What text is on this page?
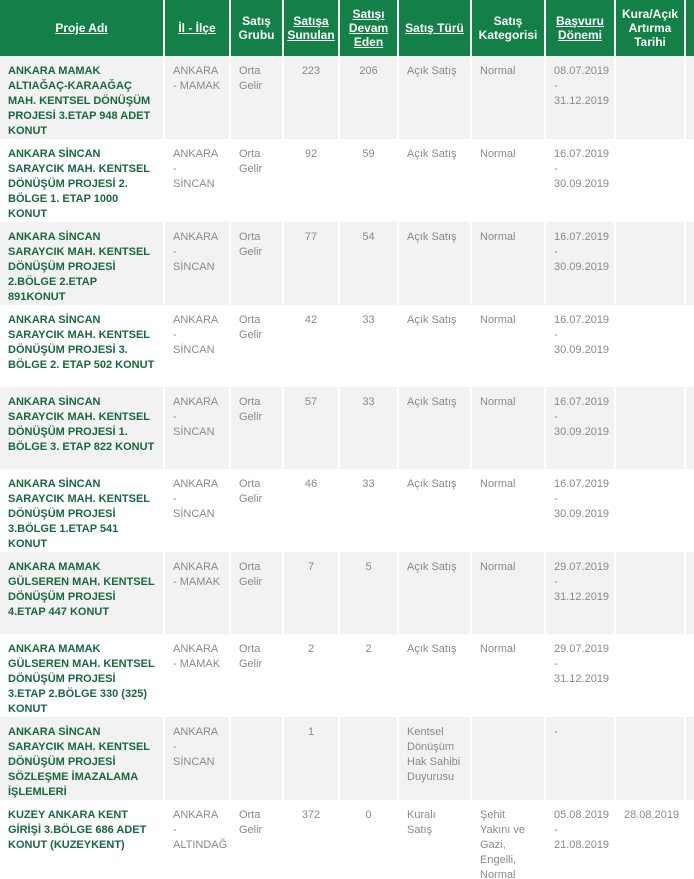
Proje Adı	İl - İlçe	Satış Grubu	Satışa Sunulan	Satışı Devam Eden	Satış Türü	Satış Kategorisi	Başvuru Dönemi	Kura/Açık Artırma Tarihi	
ANKARA MAMAK ALTIAĞAÇ-KARAAĞAÇ MAH. KENTSEL DÖNÜŞÜM PROJESİ 3.ETAP 948 ADET KONUT	ANKARA - MAMAK	Orta Gelir	223	206	Açık Satış	Normal	08.07.2019 - 31.12.2019		
ANKARA SİNCAN SARAYCIK MAH. KENTSEL DÖNÜŞÜM PROJESİ 2. BÖLGE 1. ETAP 1000 KONUT	ANKARA - SİNCAN	Orta Gelir	92	59	Açık Satış	Normal	16.07.2019 - 30.09.2019		
ANKARA SİNCAN SARAYCIK MAH. KENTSEL DÖNÜŞÜM PROJESİ 2.BÖLGE 2.ETAP 891KONUT	ANKARA - SİNCAN	Orta Gelir	77	54	Açık Satış	Normal	16.07.2019 - 30.09.2019		
ANKARA SİNCAN SARAYCIK MAH. KENTSEL DÖNÜŞÜM PROJESİ 3. BÖLGE 2. ETAP 502 KONUT	ANKARA - SİNCAN	Orta Gelir	42	33	Açık Satış	Normal	16.07.2019 - 30.09.2019		
ANKARA SİNCAN SARAYCIK MAH. KENTSEL DÖNÜŞÜM PROJESİ 1. BÖLGE 3. ETAP 822 KONUT	ANKARA - SİNCAN	Orta Gelir	57	33	Açık Satış	Normal	16.07.2019 - 30.09.2019		
ANKARA SİNCAN SARAYCIK MAH. KENTSEL DÖNÜŞÜM PROJESİ 3.BÖLGE 1.ETAP 541 KONUT	ANKARA - SİNCAN	Orta Gelir	46	33	Açık Satış	Normal	16.07.2019 - 30.09.2019		
ANKARA MAMAK GÜLSEREN MAH. KENTSEL DÖNÜŞÜM PROJESİ 4.ETAP 447 KONUT	ANKARA - MAMAK	Orta Gelir	7	5	Açık Satış	Normal	29.07.2019 - 31.12.2019		
ANKARA MAMAK GÜLSEREN MAH. KENTSEL DÖNÜŞÜM PROJESİ 3.ETAP 2.BÖLGE 330 (325) KONUT	ANKARA - MAMAK	Orta Gelir	2	2	Açık Satış	Normal	29.07.2019 - 31.12.2019		
ANKARA SİNCAN SARAYCIK MAH. KENTSEL DÖNÜŞÜM PROJESİ SÖZLEŞME İMAZALAMA İŞLEMLERİ	ANKARA - SİNCAN		1		Kentsel Dönüşüm Hak Sahibi Duyurusu		-		
KUZEY ANKARA KENT GİRİŞİ 3.BÖLGE 686 ADET KONUT (KUZEYKENT)	ANKARA - ALTINDAĞ	Orta Gelir	372	0	Kuralı Satış	Şehit Yakını ve Gazi, Engelli, Normal	05.08.2019 - 21.08.2019	28.08.2019	
